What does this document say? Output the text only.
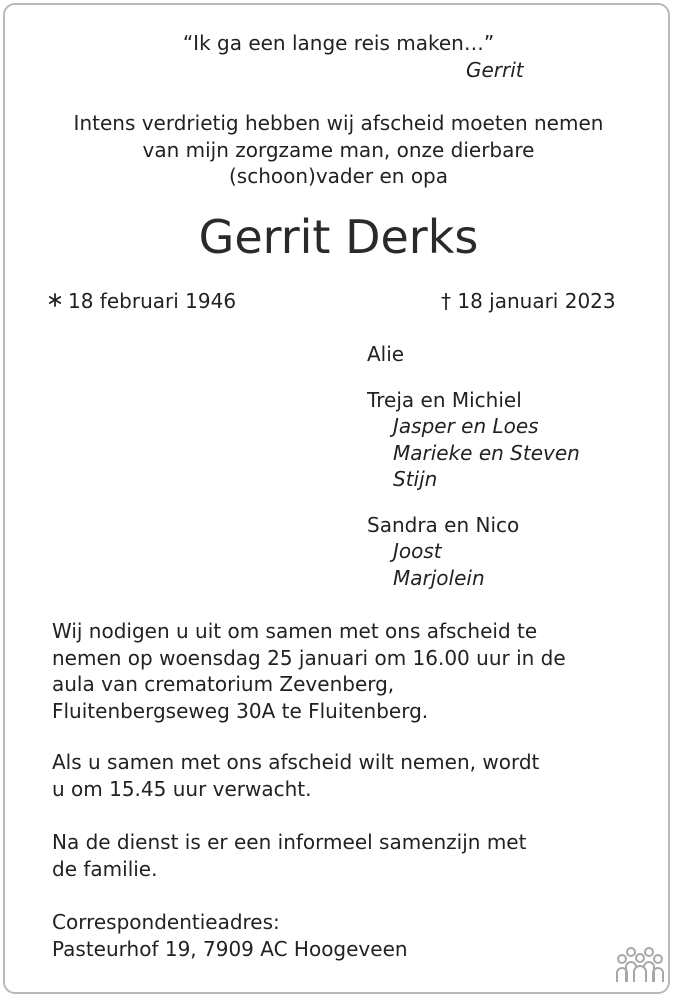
“Ik ga een lange reis maken…”
Gerrit
Intens verdrietig hebben wij afscheid moeten nemen
van mijn zorgzame man, onze dierbare
(schoon)vader en opa
Gerrit Derks
18 februari 1946	† 18 januari 2023
Alie
Treja en Michiel
Jasper en Loes
Marieke en Steven
Stijn
Sandra en Nico
Joost
Marjolein
Wij nodigen u uit om samen met ons afscheid te
nemen op woensdag 25 januari om 16.00 uur in de
aula van crematorium Zevenberg,
Fluitenbergseweg 30A te Fluitenberg.
Als u samen met ons afscheid wilt nemen, wordt
u om 15.45 uur verwacht.
Na de dienst is er een informeel samenzijn met
de familie.
Correspondentieadres:
Pasteurhof 19, 7909 AC Hoogeveen
